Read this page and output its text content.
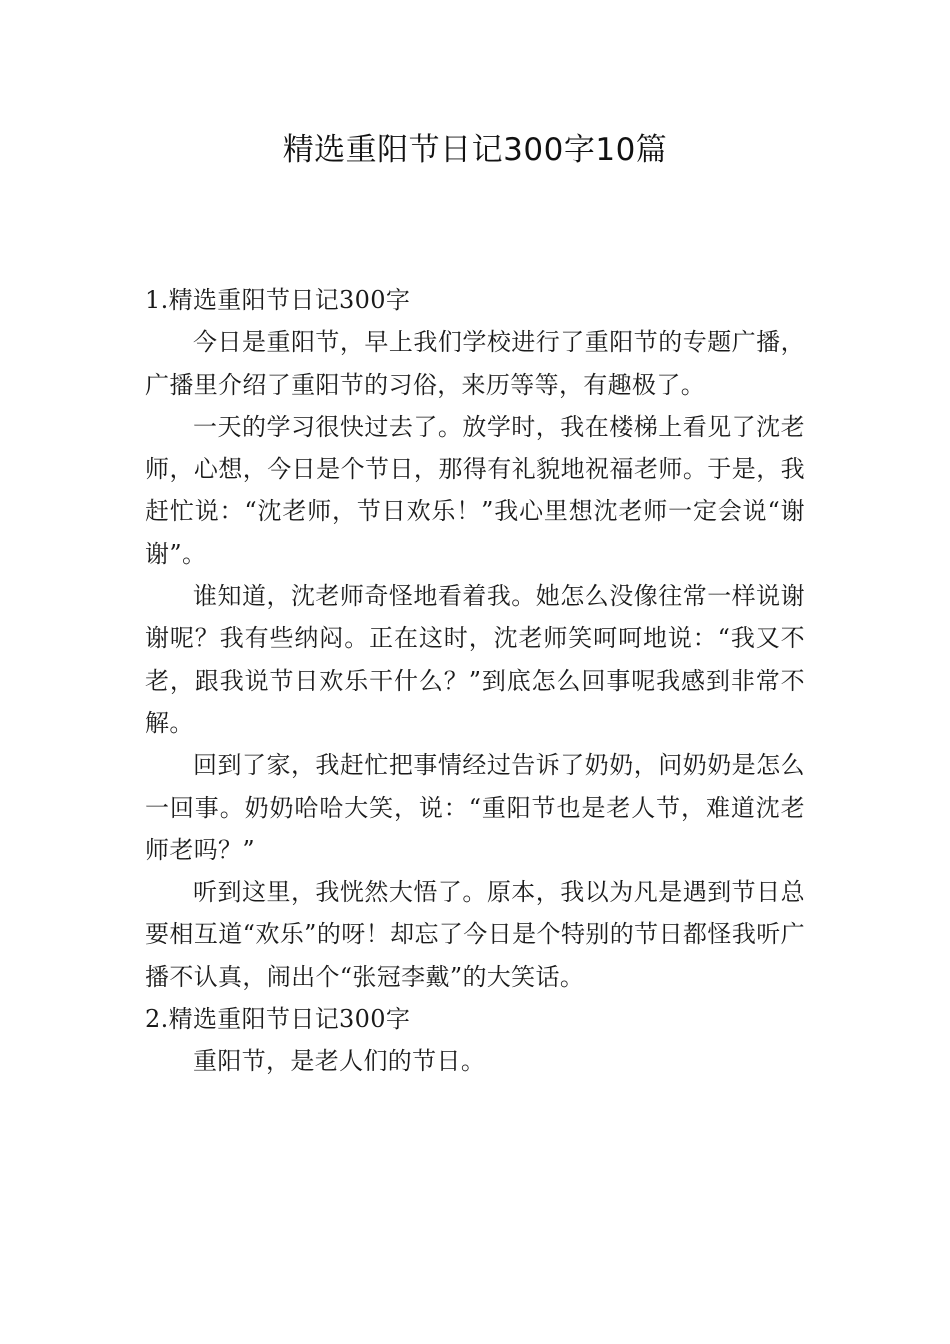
精选重阳节日记300字10篇

1.精选重阳节日记300字

今日是重阳节，早上我们学校进行了重阳节的专题广播，广播里介绍了重阳节的习俗，来历等等，有趣极了。

一天的学习很快过去了。放学时，我在楼梯上看见了沈老师，心想，今日是个节日，那得有礼貌地祝福老师。于是，我赶忙说：“沈老师，节日欢乐！”我心里想沈老师一定会说“谢谢”。

谁知道，沈老师奇怪地看着我。她怎么没像往常一样说谢谢呢？我有些纳闷。正在这时，沈老师笑呵呵地说：“我又不老，跟我说节日欢乐干什么？”到底怎么回事呢我感到非常不解。

回到了家，我赶忙把事情经过告诉了奶奶，问奶奶是怎么一回事。奶奶哈哈大笑，说：“重阳节也是老人节，难道沈老师老吗？”

听到这里，我恍然大悟了。原本，我以为凡是遇到节日总要相互道“欢乐”的呀！却忘了今日是个特别的节日都怪我听广播不认真，闹出个“张冠李戴”的大笑话。

2.精选重阳节日记300字

重阳节，是老人们的节日。
